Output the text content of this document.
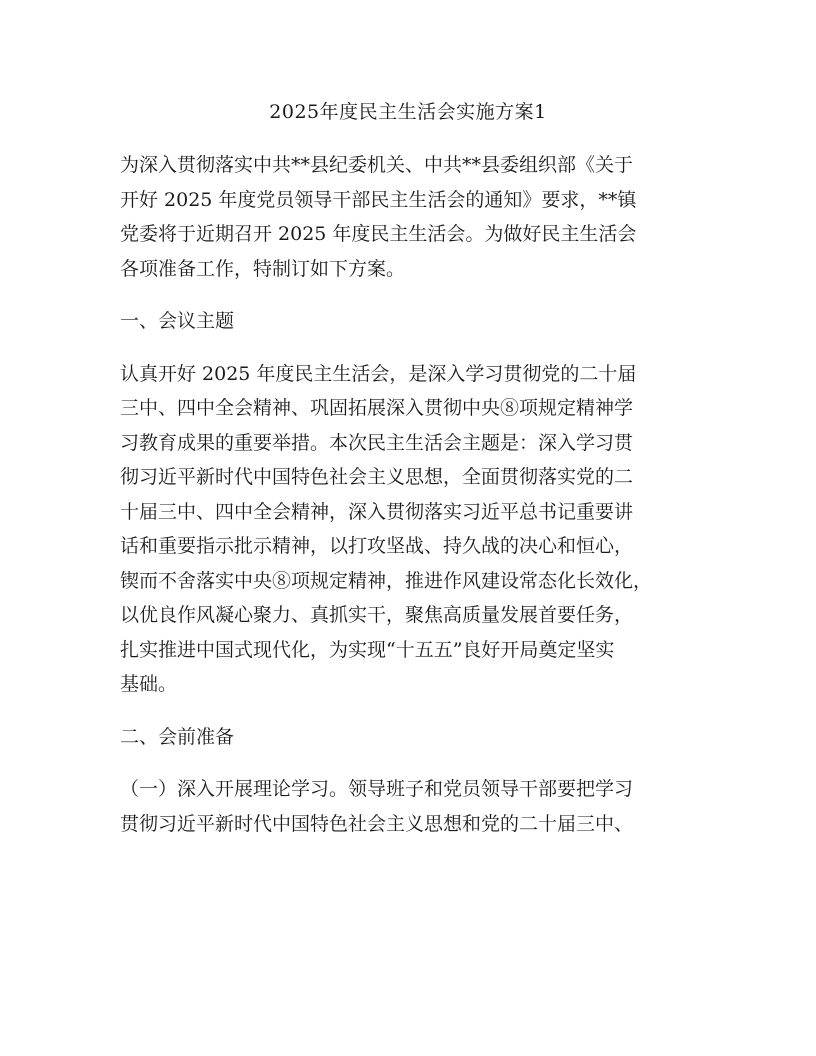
2025年度民主生活会实施方案1

为深入贯彻落实中共**县纪委机关、中共**县委组织部《关于
开好 2025 年度党员领导干部民主生活会的通知》要求，**镇
党委将于近期召开 2025 年度民主生活会。为做好民主生活会
各项准备工作，特制订如下方案。

一、会议主题

认真开好 2025 年度民主生活会，是深入学习贯彻党的二十届
三中、四中全会精神、巩固拓展深入贯彻中央⑧项规定精神学
习教育成果的重要举措。本次民主生活会主题是：深入学习贯
彻习近平新时代中国特色社会主义思想，全面贯彻落实党的二
十届三中、四中全会精神，深入贯彻落实习近平总书记重要讲
话和重要指示批示精神，以打攻坚战、持久战的决心和恒心，
锲而不舍落实中央⑧项规定精神，推进作风建设常态化长效化，
以优良作风凝心聚力、真抓实干，聚焦高质量发展首要任务，
扎实推进中国式现代化，为实现“十五五”良好开局奠定坚实
基础。

二、会前准备

（一）深入开展理论学习。领导班子和党员领导干部要把学习
贯彻习近平新时代中国特色社会主义思想和党的二十届三中、
